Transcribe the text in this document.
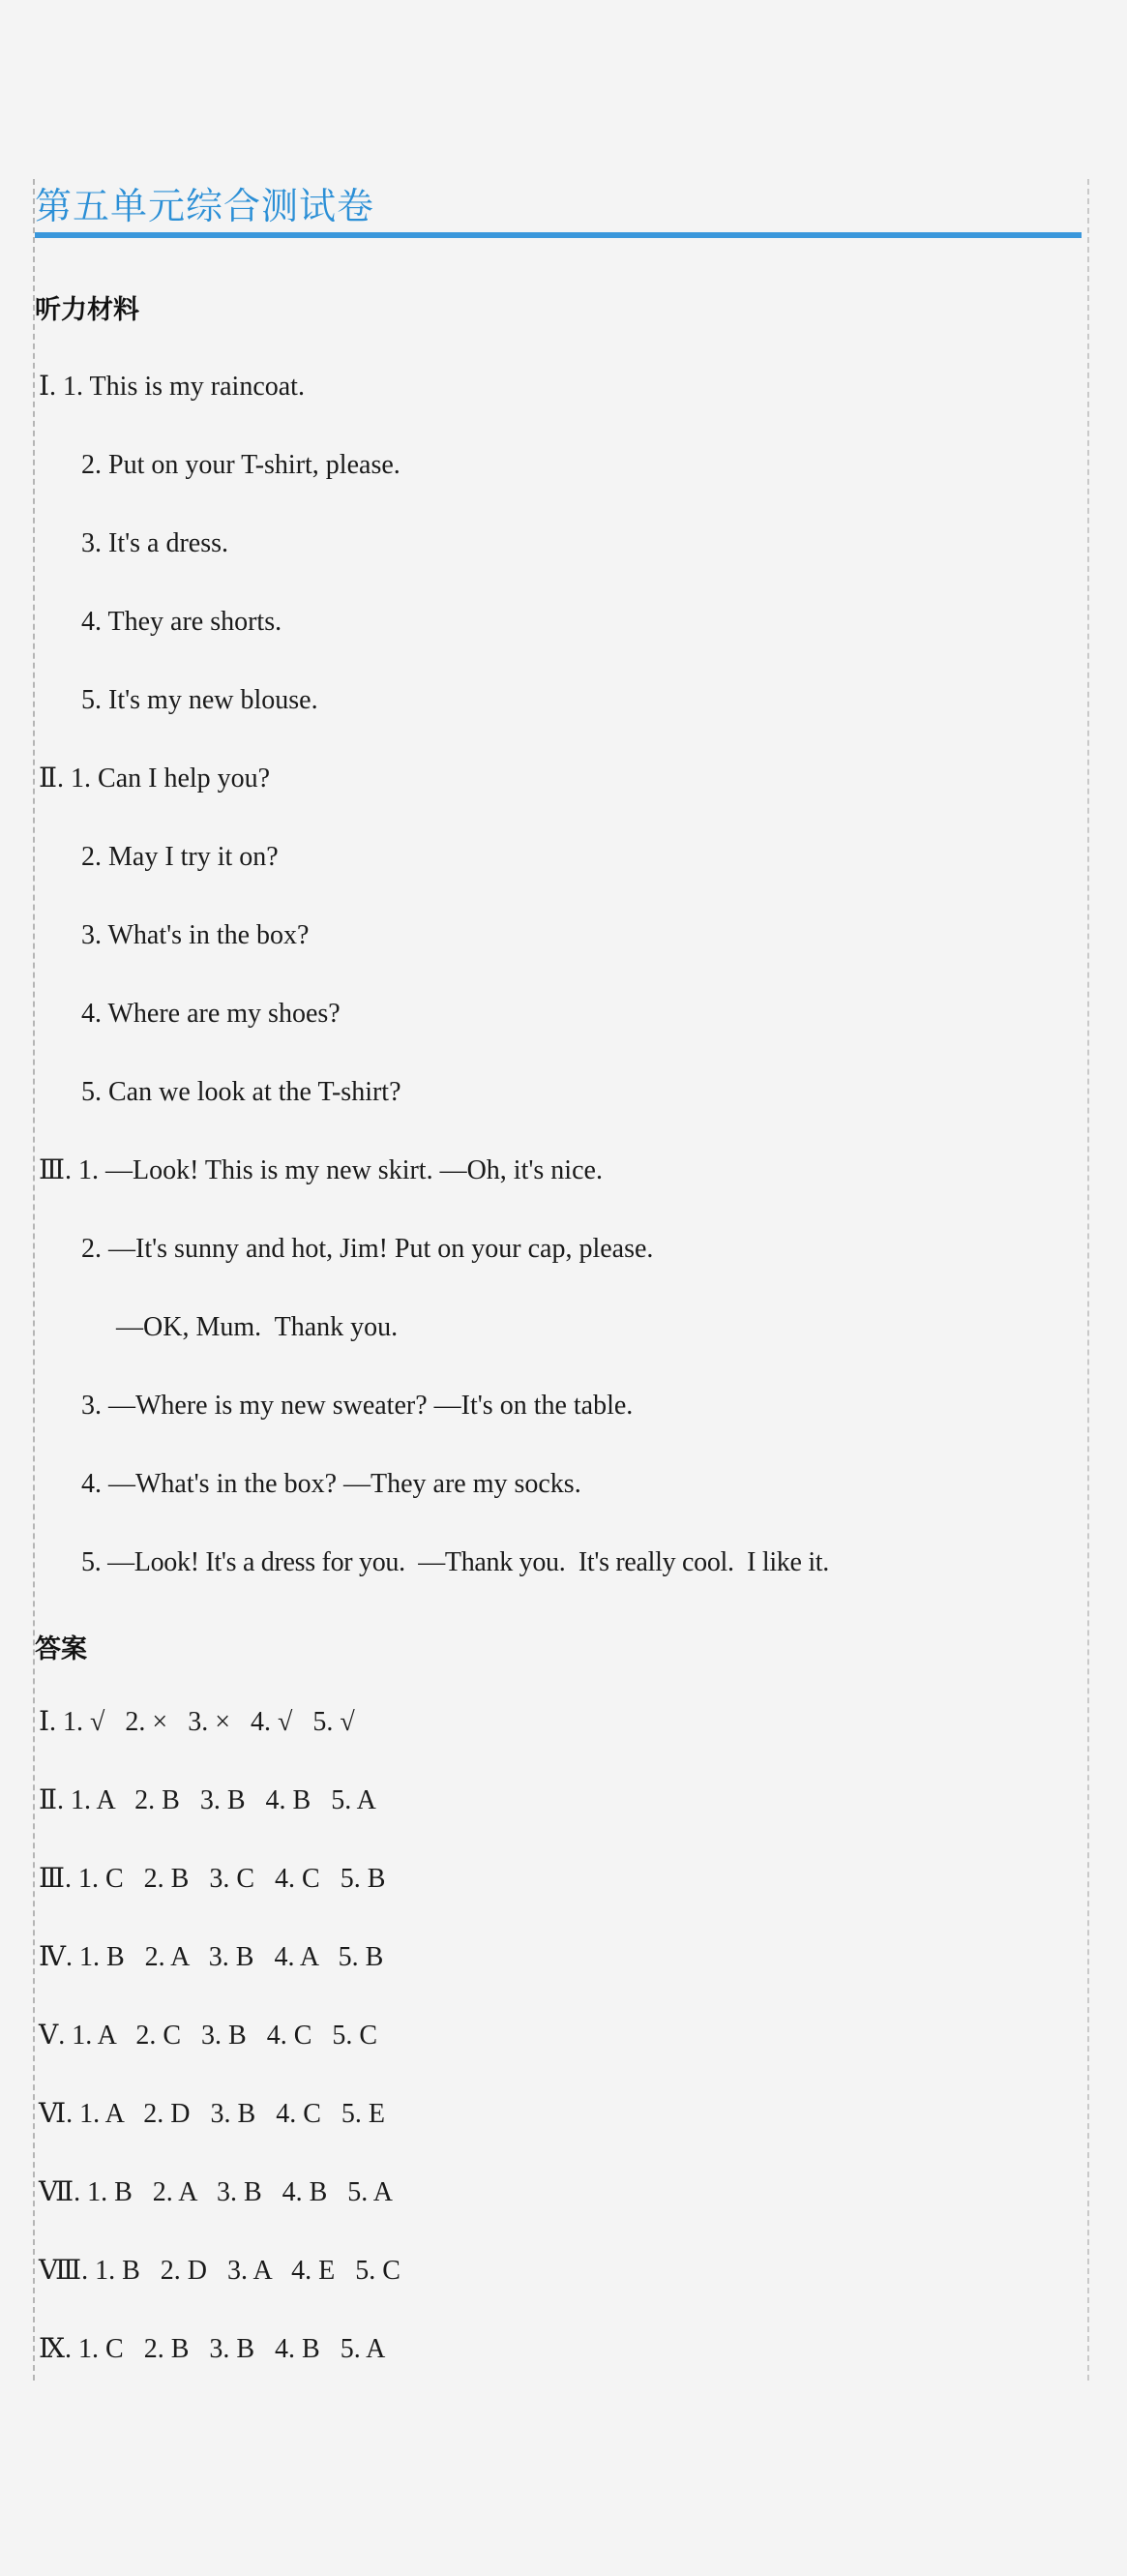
第五单元综合测试卷
听力材料
Ⅰ. 1. This is my raincoat.
2. Put on your T-shirt, please.
3. It's a dress.
4. They are shorts.
5. It's my new blouse.
Ⅱ. 1. Can I help you?
2. May I try it on?
3. What's in the box?
4. Where are my shoes?
5. Can we look at the T-shirt?
Ⅲ. 1. —Look! This is my new skirt. —Oh, it's nice.
2. —It's sunny and hot, Jim! Put on your cap, please.
—OK, Mum.  Thank you.
3. —Where is my new sweater? —It's on the table.
4. —What's in the box? —They are my socks.
5. —Look! It's a dress for you.  —Thank you.  It's really cool.  I like it.
答案
Ⅰ. 1. √   2. ×   3. ×   4. √   5. √
Ⅱ. 1. A   2. B   3. B   4. B   5. A
Ⅲ. 1. C   2. B   3. C   4. C   5. B
Ⅳ. 1. B   2. A   3. B   4. A   5. B
Ⅴ. 1. A   2. C   3. B   4. C   5. C
Ⅵ. 1. A   2. D   3. B   4. C   5. E
Ⅶ. 1. B   2. A   3. B   4. B   5. A
Ⅷ. 1. B   2. D   3. A   4. E   5. C
Ⅸ. 1. C   2. B   3. B   4. B   5. A
